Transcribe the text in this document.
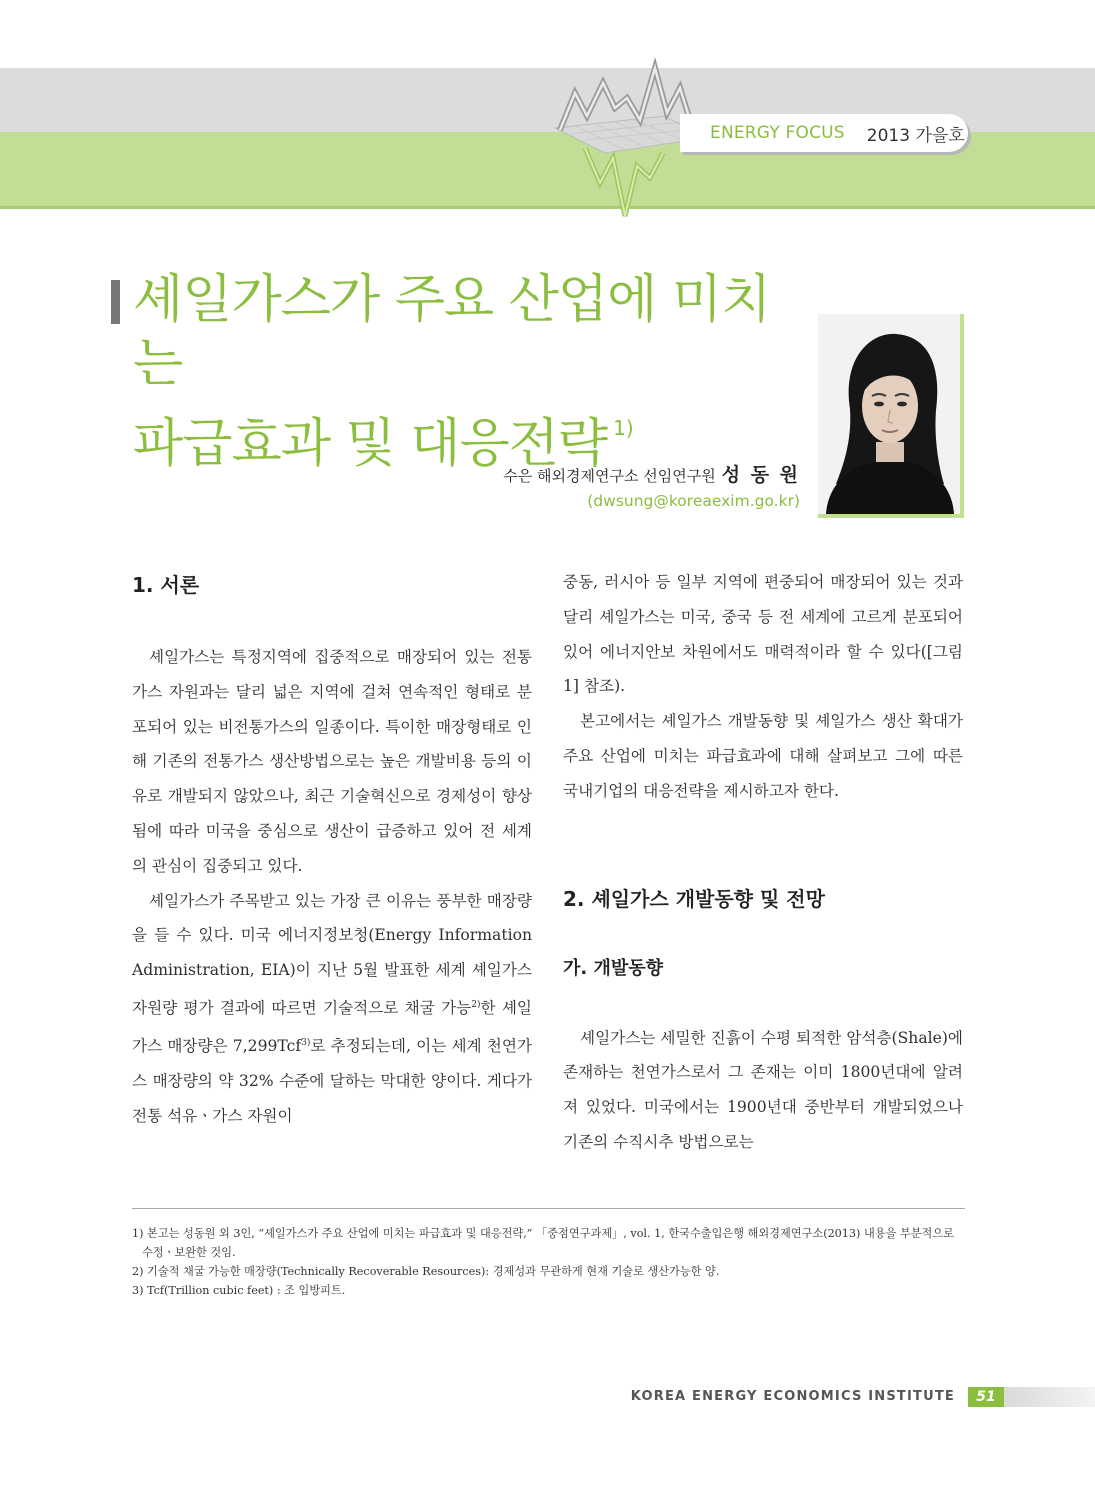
ENERGY FOCUS 2013 가을호
셰일가스가 주요 산업에 미치는
파급효과 및 대응전략 $^{1)}$
수은 해외경제연구소 선임연구원 성 동 원
(dwsung@koreaexim.go.kr)
1. 서론

셰일가스는 특정지역에 집중적으로 매장되어 있는 전통가스 자원과는 달리 넓은 지역에 걸쳐 연속적인 형태로 분포되어 있는 비전통가스의 일종이다. 특이한 매장형태로 인해 기존의 전통가스 생산방법으로는 높은 개발비용 등의 이유로 개발되지 않았으나, 최근 기술혁신으로 경제성이 향상됨에 따라 미국을 중심으로 생산이 급증하고 있어 전 세계의 관심이 집중되고 있다.

셰일가스가 주목받고 있는 가장 큰 이유는 풍부한 매장량을 들 수 있다. 미국 에너지정보청(Energy Information Administration, EIA)이 지난 5월 발표한 세계 셰일가스 자원량 평가 결과에 따르면 기술적으로 채굴 가능$^{2)}$한 셰일가스 매장량은 7,299Tcf$^{3)}$로 추정되는데, 이는 세계 천연가스 매장량의 약 32% 수준에 달하는 막대한 양이다. 게다가 전통 석유ㆍ가스 자원이

중동, 러시아 등 일부 지역에 편중되어 매장되어 있는 것과 달리 셰일가스는 미국, 중국 등 전 세계에 고르게 분포되어 있어 에너지안보 차원에서도 매력적이라 할 수 있다([그림 1] 참조).

본고에서는 셰일가스 개발동향 및 셰일가스 생산 확대가 주요 산업에 미치는 파급효과에 대해 살펴보고 그에 따른 국내기업의 대응전략을 제시하고자 한다.

2. 셰일가스 개발동향 및 전망
가. 개발동향

셰일가스는 세밀한 진흙이 수평 퇴적한 암석층(Shale)에 존재하는 천연가스로서 그 존재는 이미 1800년대에 알려져 있었다. 미국에서는 1900년대 중반부터 개발되었으나 기존의 수직시추 방법으로는

1) 본고는 성동원 외 3인, “셰일가스가 주요 산업에 미치는 파급효과 및 대응전략,” 「중점연구과제」, vol. 1, 한국수출입은행 해외경제연구소(2013) 내용을 부분적으로
수정ㆍ보완한 것임.
2) 기술적 채굴 가능한 매장량(Technically Recoverable Resources): 경제성과 무관하게 현재 기술로 생산가능한 양.
3) Tcf(Trillion cubic feet) : 조 입방피트.
KOREA ENERGY ECONOMICS INSTITUTE	51
